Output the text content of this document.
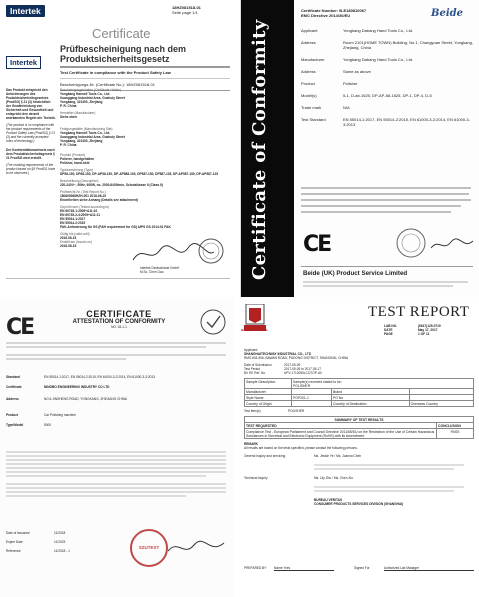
Intertek	18HZ081518-01
Seite page 1/1
Certificate
Intertek
Prüfbescheinigung nach dem
Produktsicherheitsgesetz
Test Certificate in compliance with the Product Safety Law
Bescheinigungs-Nr. (Certificate No.): 18HZ081518-01
Das Produkt entspricht den Anforderungen des Produktsicherheitsgesetzes (ProdSG) § 21 (3) hinsichtlich der Gewährleistung von Sicherheit und Gesundheit und entspricht den derzeit anerkannten Regeln der Technik.
(The product is in compliance with the product requirements of the Product Safety Law (ProdSG) § 21 (3) and the currently accepted rules of technology.)
Der Konformitätsnachweis nach dem Produktsicherheitsgesetz § 21 ProdSG wird erstellt.
(The marking requirements of the product based on §8 ProdSG have to be observed.)
Bescheinigungsinhaber (Certificate Holder)
Yongkang Hansell Tools Co., Ltd.
Xuanggang Industrial Area, Gushuiy Street
Yongkang, 321300, Zhejiang
P. R. China
Hersteller (Manufacturer)
Siehe oben
Fertigungsstätte (Manufacturing Site)
Yongkang Hansell Tools Co., Ltd.
Xuanggang Industrial Area, Gushuiy Street
Yongkang, 321300, Zhejiang
P. R. China
Produkt (Product)
Polierer, handgehalten
Polisher, hand-held
Typbezeichnung (Type)
DP58-150, DP68-150, DP-AP58-150, DP-AP588-150, DP587-150, DP587-125, DP-AP587-150, DP-AP587-125
Beschreibung (Description)
220-240V~, 50Hz, 600W, no. 2000-6400/min, Schutzklasse II (Class II)
Prüfbericht-Nr. (Test Report No.)
180800068HZH-001 2018-08-15
Einzelheiten siehe Anhang (Details see attachment)
Geprüft nach (Tested according to)
EN 60745-1:2009+A11:10
EN 60745-2-4:2009+A11:11
EN 55014-1:2017
EN 55014-2:2015
PAK-Anforderung für GS (PAH requirement for GS) AfPS GS 2014:01 PAK
Gültig bis (valid until)
2016-08-15
Erstellt am (Issued on)
2016-08-15
Intertek Deutschland GmbH
M.Sc. Chen Gao	Certificate of Conformity
Certificate Number: B-E180810067
EMC Directive 2014/30/EU	Beide
Applicant	Yongkang Dabang Hand Tools Co., Ltd.
Address	Room 2101(HOME TOWN) Building, No.1, Changyuan Street, Yongkang, Zhejiang, China
Manufacturer	Yongkang Dabang Hand Tools Co., Ltd.
Address	Same as above
Product	Polisher
Model(s)	5-1, D-ab-1625, DP-AP-58-1625, DP-1, DP-4, D-5
Trade mark	N/A
Test Standard	EN 55014-1:2017, EN 55014-2:2015, EN 61000-3-2:2014, EN 61000-3-3:2013
CE
Beide (UK) Product Service Limited
CE
CERTIFICATE
ATTESTATION OF CONFORMITY
NO. 18-1-1
Standard	EN 55014-1:2017, EN 55014-2:2015, EN 61000-3-2:2014, EN 61000-3-3:2013
Certificate	NINGBO ENGINEERING INDUSTRY CO LTD
Address	NO.6 JINSHENG ROAD, YONGKANG, ZHEJIANG CHINA
Product	Car Polishing machine
Type/Model	5000
Date of issuance	11/2018
Expire Date	11/2023
Reference	11/2018 - 1
SZUTEST
BUREAU VERITAS
TEST REPORT
LAB NO.	(6617)129-0719
DATE	May 17, 2017
PAGE	1 OF 11
Applicant:
SHANGHAITECHWAY INDUSTRIAL CO., LTD
RMS.603-506, BAWAN ROAD, PUDONG DISTRICT, SHANGHAI, CHINA
Date of Submission	2017-05-09
Test Period	2017-05-09 to 2017-05-17
BV EE Ref. No.	UPV-1712055LCOTOP-All
Sample Description	Sample(s) received stated to be:
POLISHER		
Manufacturer		Brand	
Style Name	PGP201-1	PO No	
Country of Origin		Country of Destination	Overseas Country
Test Item(s)	POLISHER
SUMMARY OF TEST RESULTS	
TEST REQUESTED	CONCLUSION
Compliance Test - European Parliament and Council Directive 2011/65/EU on the Restriction of the Use of Certain Hazardous Substances in Electrical and Electronic Equipment (RoHS) with its Amendment	PASS
REMARK
All results are based on the tests specified, please contact the following persons.
General inquiry and servicing	Ms. Jessie Ye / Ms. Joanna Chen
Technical inquiry	Ms. Lily Zhu / Ms. Chen Xiu
BUREAU VERITAS
CONSUMER PRODUCTS SERVICES DIVISION (SHANGHAI)
PREPARED BY	Name Yves	Signed For	Authorized Lab Manager
